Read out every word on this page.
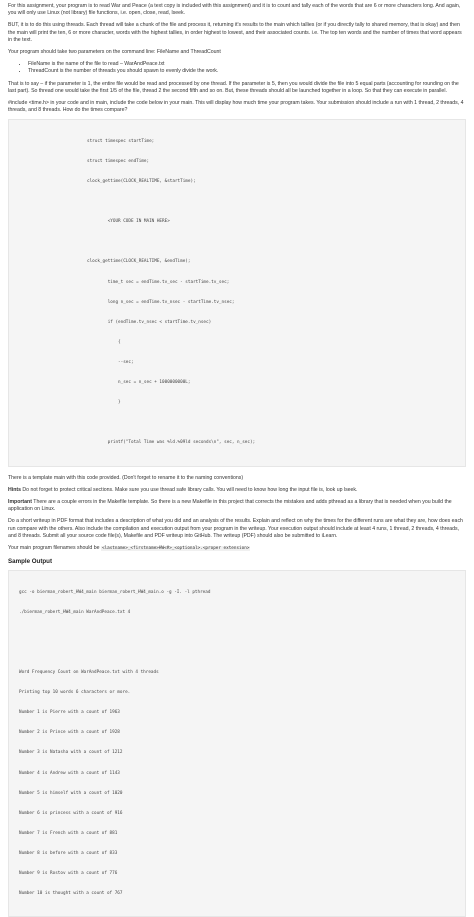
For this assignment, your program is to read War and Peace (a text copy is included with this assignment) and it is to count and tally each of the words that are 6 or more characters long. And again, you will only use Linux (not library) file functions, i.e. open, close, read, lseek.

BUT, it is to do this using threads. Each thread will take a chunk of the file and process it, returning it's results to the main which tallies (or if you directly tally to shared memory, that is okay) and then the main will print the ten, 6 or more character, words with the highest tallies, in order highest to lowest, and their associated counts. i.e. The top ten words and the number of times that word appears in the text.

Your program should take two parameters on the command line: FileName and ThreadCount

• FileName is the name of the file to read – WarAndPeace.txt
• ThreadCount is the number of threads you should spawn to evenly divide the work.

That is to say – if the parameter is 1, the entire file would be read and processed by one thread. If the parameter is 5, then you would divide the file into 5 equal parts (accounting for rounding on the last part). So thread one would take the first 1/5 of the file, thread 2 the second fifth and so on. But, these threads should all be launched together in a loop. So that they can execute in parallel.

#include <time.h> in your code and in main, include the code below in your main. This will display how much time your program takes. Your submission should include a run with 1 thread, 2 threads, 4 threads, and 8 threads. How do the times compare?

struct timespec startTime;

struct timespec endTime;

clock_gettime(CLOCK_REALTIME, &startTime);

<YOUR CODE IN MAIN HERE>

clock_gettime(CLOCK_REALTIME, &endTime);

time_t sec = endTime.tv_sec - startTime.tv_sec;

long n_sec = endTime.tv_nsec - startTime.tv_nsec;

if (endTime.tv_nsec < startTime.tv_nsec)

{

--sec;

n_sec = n_sec + 1000000000L;

}

printf("Total Time was %ld.%09ld seconds\n", sec, n_sec);

There is a template main with this code provided. (Don't forget to rename it to the naming conventions)

Hints Do not forget to protect critical sections. Make sure you use thread safe library calls. You will need to know how long the input file is, look up lseek.

Important There are a couple errors in the Makefile template. So there is a new Makefile in this project that corrects the mistakes and adds pthread as a library that is needed when you build the application on Linux.

Do a short writeup in PDF format that includes a description of what you did and an analysis of the results. Explain and reflect on why the times for the different runs are what they are, how does each run compare with the others. Also include the compilation and execution output from your program in the writeup. Your execution output should include at least 4 runs, 1 thread, 2 threads, 4 threads, and 8 threads. Submit all your source code file(s), Makefile and PDF writeup into GitHub. The writeup (PDF) should also be submitted to iLearn.

Your main program filenames should be <lastname>_<firstname>HW<#>_<optional>.<proper extension>

Sample Output

gcc -o bierman_robert_HW4_main bierman_robert_HW4_main.o -g -I. -l pthread

./bierman_robert_HW4_main WarAndPeace.txt 4

Word Frequency Count on WarAndPeace.txt with 4 threads

Printing top 10 words 6 characters or more.

Number 1 is Pierre with a count of 1963

Number 2 is Prince with a count of 1928

Number 3 is Natasha with a count of 1212

Number 4 is Andrew with a count of 1143

Number 5 is himself with a count of 1020

Number 6 is princess with a count of 916

Number 7 is French with a count of 881

Number 8 is before with a count of 833

Number 9 is Rostov with a count of 776

Number 10 is thought with a count of 767
